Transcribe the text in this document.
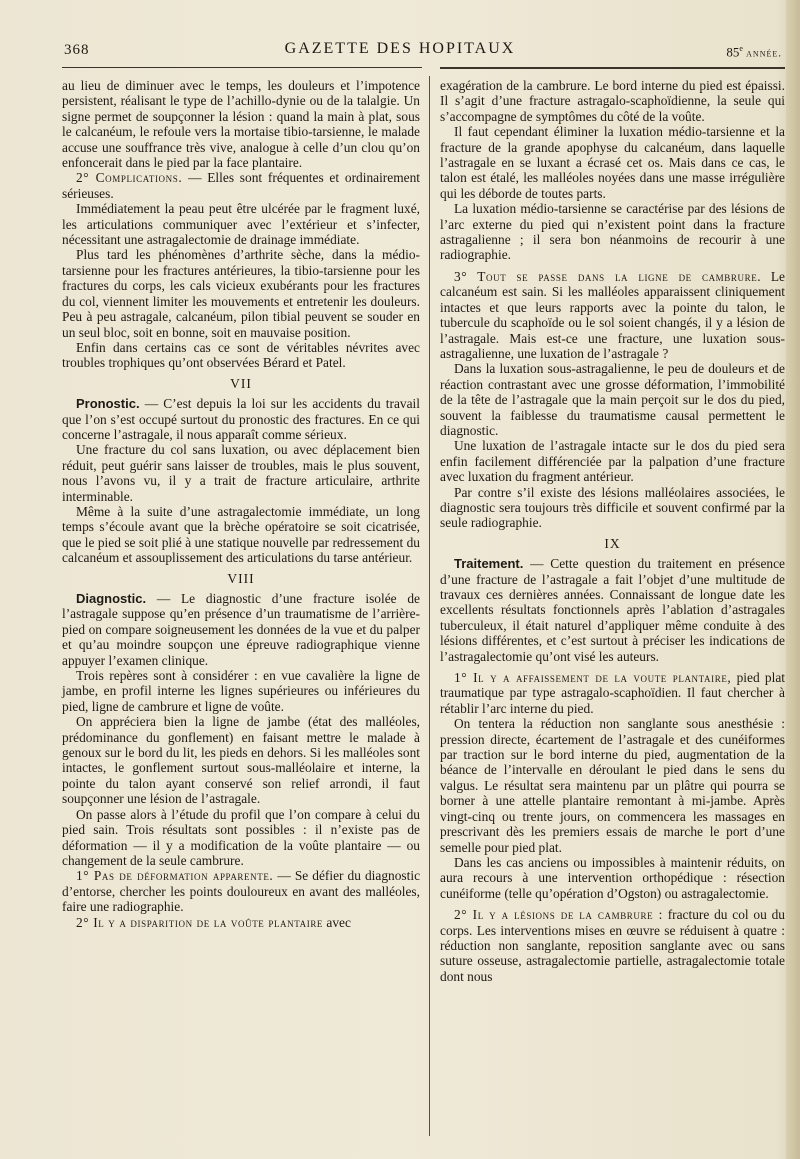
368	GAZETTE DES HOPITAUX	85e année.

au lieu de diminuer avec le temps, les douleurs et l’impotence persistent, réalisant le type de l’achillo-dynie ou de la talalgie. Un signe permet de soupçonner la lésion : quand la main à plat, sous le calcanéum, le refoule vers la mortaise tibio-tarsienne, le malade accuse une souffrance très vive, analogue à celle d’un clou qu’on enfoncerait dans le pied par la face plantaire.

2° Complications. — Elles sont fréquentes et ordinairement sérieuses.

Immédiatement la peau peut être ulcérée par le fragment luxé, les articulations communiquer avec l’extérieur et s’infecter, nécessitant une astragalectomie de drainage immédiate.

Plus tard les phénomènes d’arthrite sèche, dans la médio-tarsienne pour les fractures antérieures, la tibio-tarsienne pour les fractures du corps, les cals vicieux exubérants pour les fractures du col, viennent limiter les mouvements et entretenir les douleurs. Peu à peu astragale, calcanéum, pilon tibial peuvent se souder en un seul bloc, soit en bonne, soit en mauvaise position.

Enfin dans certains cas ce sont de véritables névrites avec troubles trophiques qu’ont observées Bérard et Patel.

VII

Pronostic. — C’est depuis la loi sur les accidents du travail que l’on s’est occupé surtout du pronostic des fractures. En ce qui concerne l’astragale, il nous apparaît comme sérieux.

Une fracture du col sans luxation, ou avec déplacement bien réduit, peut guérir sans laisser de troubles, mais le plus souvent, nous l’avons vu, il y a trait de fracture articulaire, arthrite interminable.

Même à la suite d’une astragalectomie immédiate, un long temps s’écoule avant que la brèche opératoire se soit cicatrisée, que le pied se soit plié à une statique nouvelle par redressement du calcanéum et assouplissement des articulations du tarse antérieur.

VIII

Diagnostic. — Le diagnostic d’une fracture isolée de l’astragale suppose qu’en présence d’un traumatisme de l’arrière-pied on compare soigneusement les données de la vue et du palper et qu’au moindre soupçon une épreuve radiographique vienne appuyer l’examen clinique.

Trois repères sont à considérer : en vue cavalière la ligne de jambe, en profil interne les lignes supérieures ou inférieures du pied, ligne de cambrure et ligne de voûte.

On appréciera bien la ligne de jambe (état des malléoles, prédominance du gonflement) en faisant mettre le malade à genoux sur le bord du lit, les pieds en dehors. Si les malléoles sont intactes, le gonflement surtout sous-malléolaire et interne, la pointe du talon ayant conservé son relief arrondi, il faut soupçonner une lésion de l’astragale.

On passe alors à l’étude du profil que l’on compare à celui du pied sain. Trois résultats sont possibles : il n’existe pas de déformation — il y a modification de la voûte plantaire — ou changement de la seule cambrure.

1° Pas de déformation apparente. — Se défier du diagnostic d’entorse, chercher les points douloureux en avant des malléoles, faire une radiographie.

2° Il y a disparition de la voûte plantaire avec

exagération de la cambrure. Le bord interne du pied est épaissi. Il s’agit d’une fracture astragalo-scaphoïdienne, la seule qui s’accompagne de symptômes du côté de la voûte.

Il faut cependant éliminer la luxation médio-tarsienne et la fracture de la grande apophyse du calcanéum, dans laquelle l’astragale en se luxant a écrasé cet os. Mais dans ce cas, le talon est étalé, les malléoles noyées dans une masse irrégulière qui les déborde de toutes parts.

La luxation médio-tarsienne se caractérise par des lésions de l’arc externe du pied qui n’existent point dans la fracture astragalienne ; il sera bon néanmoins de recourir à une radiographie.

3° Tout se passe dans la ligne de cambrure. Le calcanéum est sain. Si les malléoles apparaissent cliniquement intactes et que leurs rapports avec la pointe du talon, le tubercule du scaphoïde ou le sol soient changés, il y a lésion de l’astragale. Mais est-ce une fracture, une luxation sous-astragalienne, une luxation de l’astragale ?

Dans la luxation sous-astragalienne, le peu de douleurs et de réaction contrastant avec une grosse déformation, l’immobilité de la tête de l’astragale que la main perçoit sur le dos du pied, souvent la faiblesse du traumatisme causal permettent le diagnostic.

Une luxation de l’astragale intacte sur le dos du pied sera enfin facilement différenciée par la palpation d’une fracture avec luxation du fragment antérieur.

Par contre s’il existe des lésions malléolaires associées, le diagnostic sera toujours très difficile et souvent confirmé par la seule radiographie.

IX

Traitement. — Cette question du traitement en présence d’une fracture de l’astragale a fait l’objet d’une multitude de travaux ces dernières années. Connaissant de longue date les excellents résultats fonctionnels après l’ablation d’astragales tuberculeux, il était naturel d’appliquer même conduite à des lésions différentes, et c’est surtout à préciser les indications de l’astragalectomie qu’ont visé les auteurs.

1° Il y a affaissement de la voute plantaire, pied plat traumatique par type astragalo-scaphoïdien. Il faut chercher à rétablir l’arc interne du pied.

On tentera la réduction non sanglante sous anesthésie : pression directe, écartement de l’astragale et des cunéiformes par traction sur le bord interne du pied, augmentation de la béance de l’intervalle en déroulant le pied dans le sens du valgus. Le résultat sera maintenu par un plâtre qui pourra se borner à une attelle plantaire remontant à mi-jambe. Après vingt-cinq ou trente jours, on commencera les massages en prescrivant dès les premiers essais de marche le port d’une semelle pour pied plat.

Dans les cas anciens ou impossibles à maintenir réduits, on aura recours à une intervention orthopédique : résection cunéiforme (telle qu’opération d’Ogston) ou astragalectomie.

2° Il y a lésions de la cambrure : fracture du col ou du corps. Les interventions mises en œuvre se réduisent à quatre : réduction non sanglante, reposition sanglante avec ou sans suture osseuse, astragalectomie partielle, astragalectomie totale dont nous
